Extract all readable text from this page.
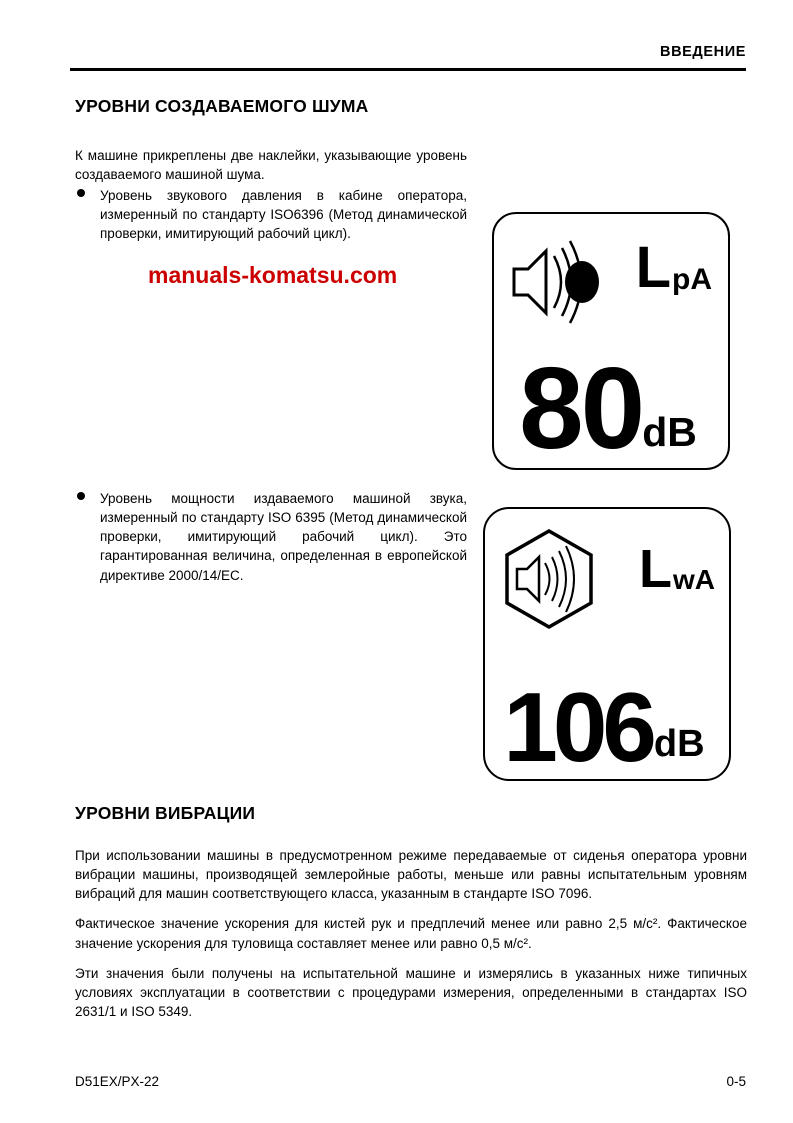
ВВЕДЕНИЕ
УРОВНИ СОЗДАВАЕМОГО ШУМА
К машине прикреплены две наклейки, указывающие уровень создаваемого машиной шума.
Уровень звукового давления в кабине оператора, измеренный по стандарту ISO6396 (Метод динамической проверки, имитирующий рабочий цикл).
manuals-komatsu.com	L pA
80 dB
Уровень мощности издаваемого машиной звука, измеренный по стандарту ISO 6395 (Метод динамической проверки, имитирующий рабочий цикл). Это гарантированная величина, определенная в европейской директиве 2000/14/EC.	L wA
106 dB
УРОВНИ ВИБРАЦИИ

При использовании машины в предусмотренном режиме передаваемые от сиденья оператора уровни вибрации машины, производящей землеройные работы, меньше или равны испытательным уровням вибраций для машин соответствующего класса, указанным в стандарте ISO 7096.

Фактическое значение ускорения для кистей рук и предплечий менее или равно 2,5 м/с². Фактическое значение ускорения для туловища составляет менее или равно 0,5 м/с².

Эти значения были получены на испытательной машине и измерялись в указанных ниже типичных условиях эксплуатации в соответствии с процедурами измерения, определенными в стандартах ISO 2631/1 и ISO 5349.

D51EX/PX-22	0-5
